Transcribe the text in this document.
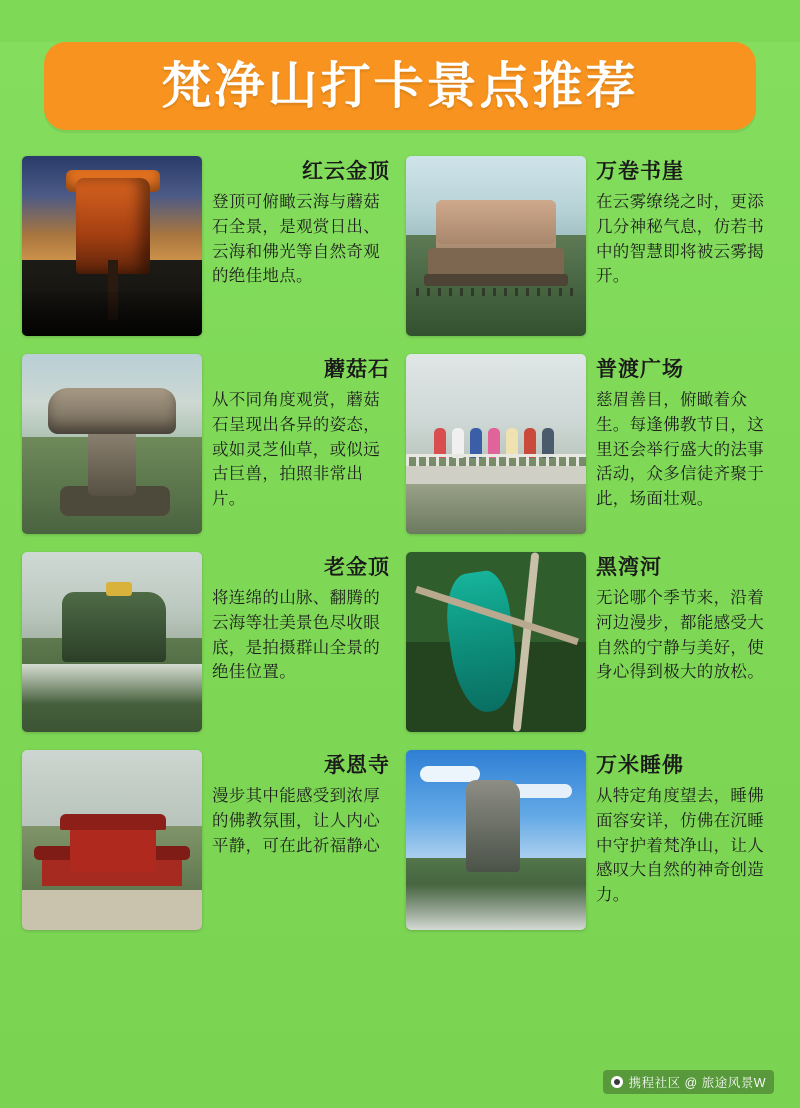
梵净山打卡景点推荐
红云金顶
登顶可俯瞰云海与蘑菇石全景，是观赏日出、云海和佛光等自然奇观的绝佳地点。
万卷书崖
在云雾缭绕之时，更添几分神秘气息，仿若书中的智慧即将被云雾揭开。
蘑菇石
从不同角度观赏，蘑菇石呈现出各异的姿态，或如灵芝仙草，或似远古巨兽，拍照非常出片。
普渡广场
慈眉善目，俯瞰着众生。每逢佛教节日，这里还会举行盛大的法事活动，众多信徒齐聚于此，场面壮观。
老金顶
将连绵的山脉、翻腾的云海等壮美景色尽收眼底，是拍摄群山全景的绝佳位置。
黑湾河
无论哪个季节来，沿着河边漫步，都能感受大自然的宁静与美好，使身心得到极大的放松。
承恩寺
漫步其中能感受到浓厚的佛教氛围，让人内心平静，可在此祈福静心
万米睡佛
从特定角度望去，睡佛面容安详，仿佛在沉睡中守护着梵净山，让人感叹大自然的神奇创造力。
携程社区 @ 旅途风景W
